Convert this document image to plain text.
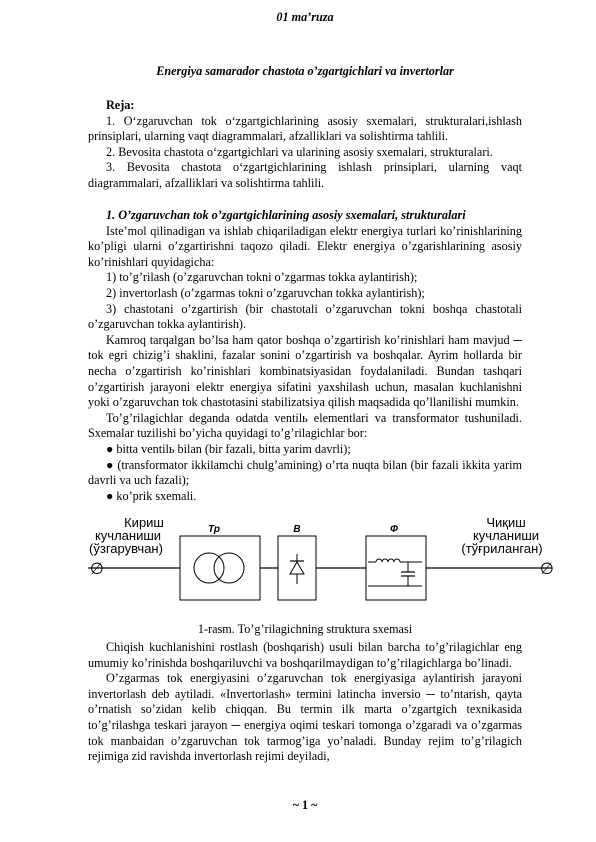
01 ma’ruza
Energiya samarador chastota o’zgartgichlari va invertorlar

Reja:

1. O‘zgaruvchan tok o‘zgartgichlarining asosiy sxemalari, strukturalari,ishlash prinsiplari, ularning vaqt diagrammalari, afzalliklari va solishtirma tahlili.

2. Bevosita chastota o‘zgartgichlari va ularining asosiy sxemalari, strukturalari.

3. Bevosita chastota o‘zgartgichlarining ishlash prinsiplari, ularning vaqt diagrammalari, afzalliklari va solishtirma tahlili.

1. O’zgaruvchan tok o’zgartgichlarining asosiy sxemalari, strukturalari

Iste’mol qilinadigan va ishlab chiqariladigan elektr energiya turlari ko’rinishlarining ko’pligi ularni o’zgartirishni taqozo qiladi. Elektr energiya o’zgarishlarining asosiy ko’rinishlari quyidagicha:

1) to’g’rilash (o’zgaruvchan tokni o’zgarmas tokka aylantirish);

2) invertorlash (o’zgarmas tokni o’zgaruvchan tokka aylantirish);

3) chastotani o’zgartirish (bir chastotali o’zgaruvchan tokni boshqa chastotali o’zgaruvchan tokka aylantirish).

Kamroq tarqalgan bo’lsa ham qator boshqa o’zgartirish ko’rinishlari ham mavjud ─ tok egri chizig’i shaklini, fazalar sonini o’zgartirish va boshqalar. Ayrim hollarda bir necha o’zgartirish ko’rinishlari kombinatsiyasidan foydalaniladi. Bundan tashqari o’zgartirish jarayoni elektr energiya sifatini yaxshilash uchun, masalan kuchlanishni yoki o’zgaruvchan tok chastotasini stabilizatsiya qilish maqsadida qo’llanilishi mumkin.

To’g’rilagichlar deganda odatda ventilь elementlari va transformator tushuniladi. Sxemalar tuzilishi bo’yicha quyidagi to’g’rilagichlar bor:

● bitta ventilь bilan (bir fazali, bitta yarim davrli);

● (transformator ikkilamchi chulg’amining) o’rta nuqta bilan (bir fazali ikkita yarim davrli va uch fazali);

● ko’prik sxemali.

∅	∅
Кириш
кучланиши
(ўзгарувчан)
Чиқиш
кучланиши
(тўғриланган)
Тр	В	Ф
1-rasm. To’g’rilagichning struktura sxemasi

Chiqish kuchlanishini rostlash (boshqarish) usuli bilan barcha to’g’rilagichlar eng umumiy ko’rinishda boshqariluvchi va boshqarilmaydigan to’g’rilagichlarga bo’linadi.

O’zgarmas tok energiyasini o’zgaruvchan tok energiyasiga aylantirish jarayoni invertorlash deb aytiladi. «Invertorlash» termini latincha inversio ─ to’ntarish, qayta o’rnatish so’zidan kelib chiqqan. Bu termin ilk marta o’zgartgich texnikasida to’g’rilashga teskari jarayon ─ energiya oqimi teskari tomonga o’zgaradi va o’zgarmas tok manbaidan o’zgaruvchan tok tarmog’iga yo’naladi. Bunday rejim to’g’rilagich rejimiga zid ravishda invertorlash rejimi deyiladi,

~ 1 ~
